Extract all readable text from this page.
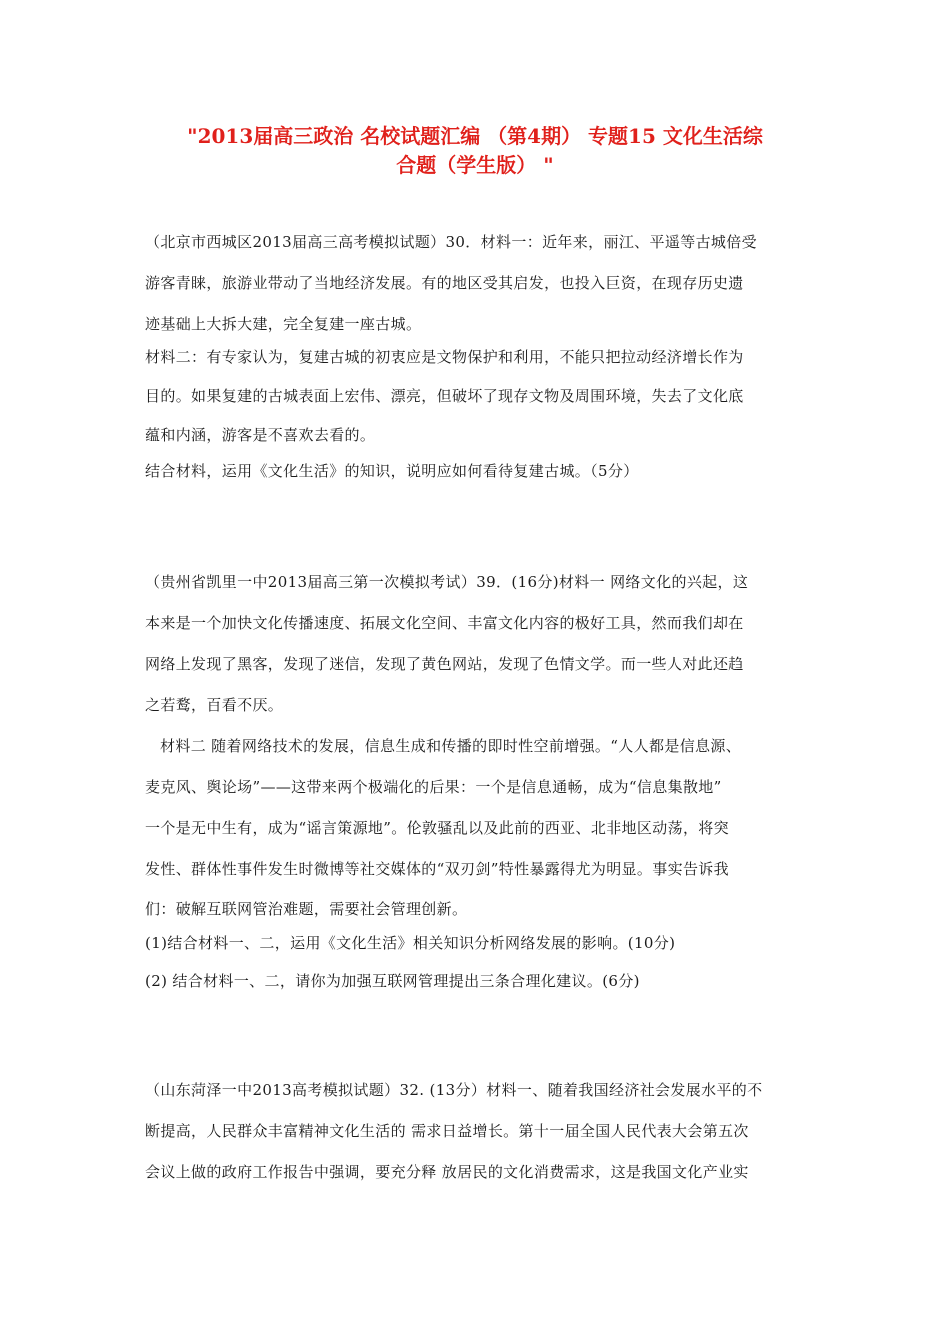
"2013届高三政治 名校试题汇编 （第4期） 专题15 文化生活综
合题（学生版） "

（北京市西城区2013届高三高考模拟试题）30．材料一：近年来，丽江、平遥等古城倍受
游客青睐，旅游业带动了当地经济发展。有的地区受其启发，也投入巨资，在现存历史遗
迹基础上大拆大建，完全复建一座古城。

材料二：有专家认为，复建古城的初衷应是文物保护和利用，不能只把拉动经济增长作为
目的。如果复建的古城表面上宏伟、漂亮，但破坏了现存文物及周围环境，失去了文化底
蕴和内涵，游客是不喜欢去看的。

结合材料，运用《文化生活》的知识，说明应如何看待复建古城。（5分）

（贵州省凯里一中2013届高三第一次模拟考试）39．(16分)材料一 网络文化的兴起，这
本来是一个加快文化传播速度、拓展文化空间、丰富文化内容的极好工具，然而我们却在
网络上发现了黑客，发现了迷信，发现了黄色网站，发现了色情文学。而一些人对此还趋
之若鹜，百看不厌。

材料二 随着网络技术的发展，信息生成和传播的即时性空前增强。“人人都是信息源、
麦克风、舆论场”——这带来两个极端化的后果：一个是信息通畅，成为“信息集散地”
一个是无中生有，成为“谣言策源地”。伦敦骚乱以及此前的西亚、北非地区动荡，将突
发性、群体性事件发生时微博等社交媒体的“双刃剑”特性暴露得尤为明显。事实告诉我
们：破解互联网管治难题，需要社会管理创新。

(1)结合材料一、二，运用《文化生活》相关知识分析网络发展的影响。(10分)

(2) 结合材料一、二，请你为加强互联网管理提出三条合理化建议。(6分)

（山东菏泽一中2013高考模拟试题）32. (13分）材料一、随着我国经济社会发展水平的不
断提高，人民群众丰富精神文化生活的 需求日益增长。第十一届全国人民代表大会第五次
会议上做的政府工作报告中强调，要充分释 放居民的文化消费需求，这是我国文化产业实
